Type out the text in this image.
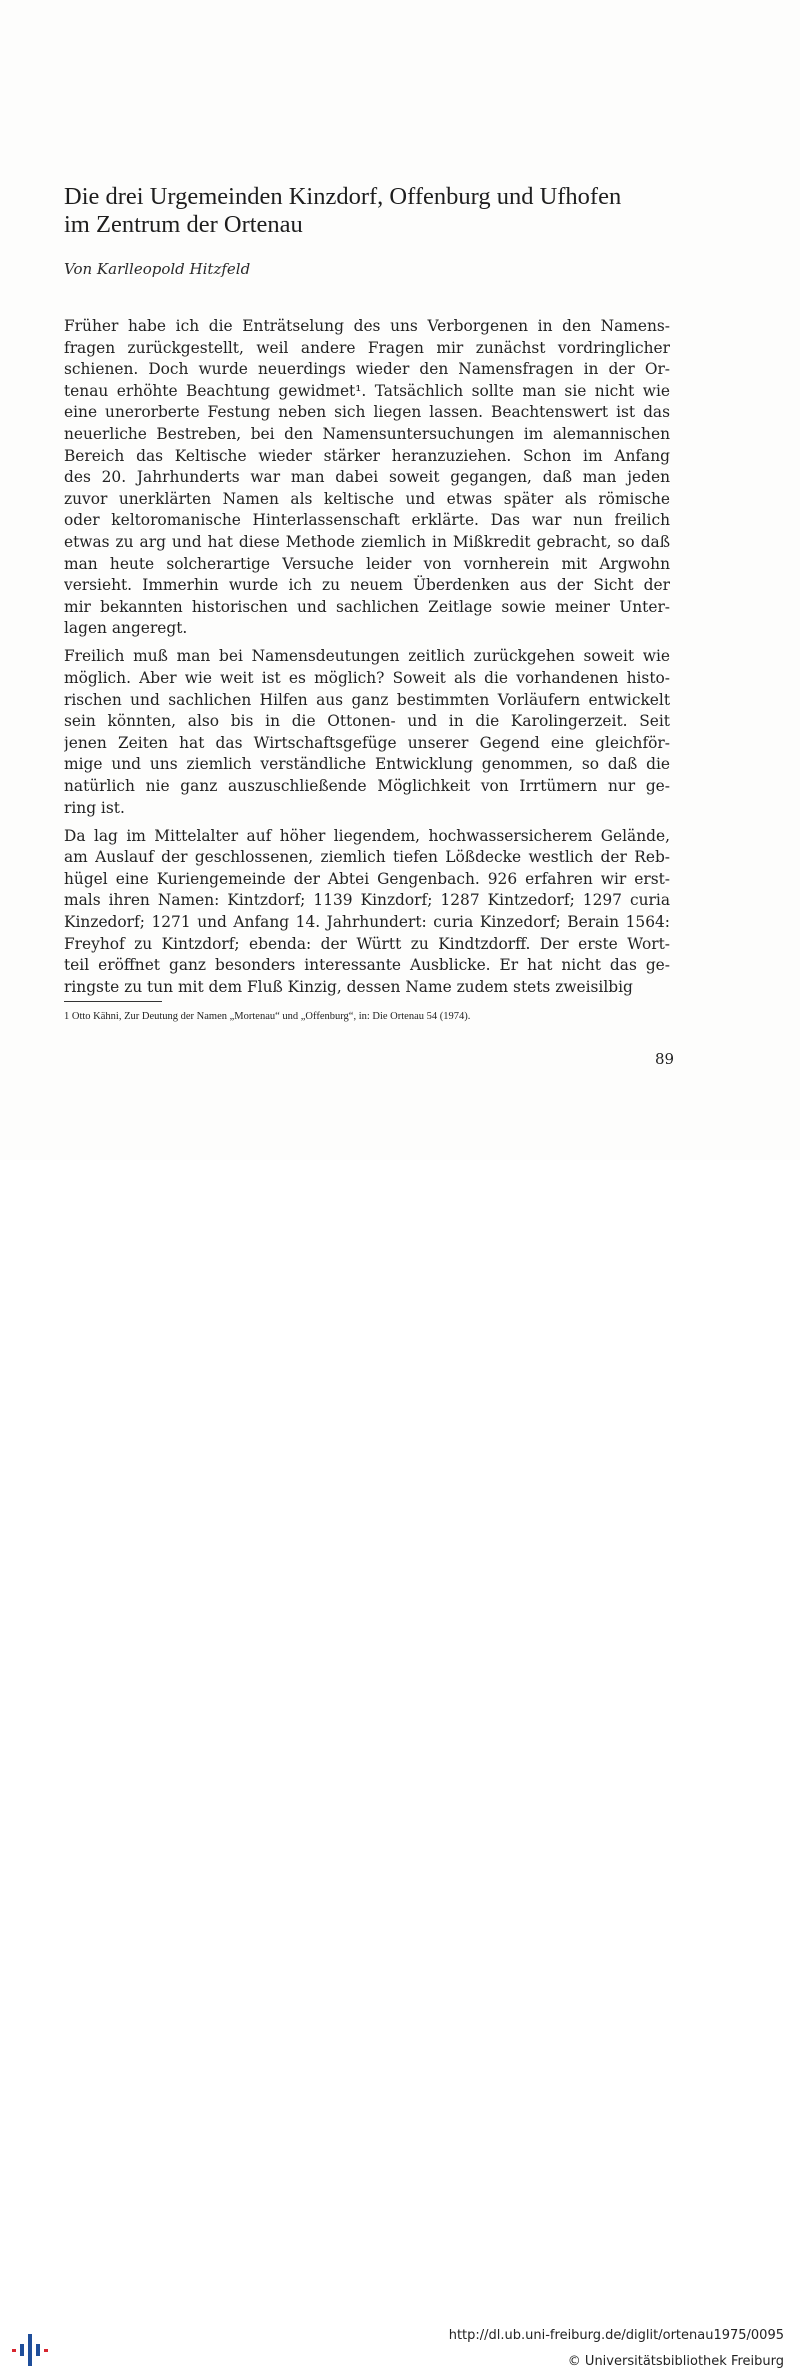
Die drei Urgemeinden Kinzdorf, Offenburg und Ufhofen
im Zentrum der Ortenau
Von Karlleopold Hitzfeld
Früher habe ich die Enträtselung des uns Verborgenen in den Namens-
fragen zurückgestellt, weil andere Fragen mir zunächst vordringlicher
schienen. Doch wurde neuerdings wieder den Namensfragen in der Or-
tenau erhöhte Beachtung gewidmet¹. Tatsächlich sollte man sie nicht wie
eine unerorberte Festung neben sich liegen lassen. Beachtenswert ist das
neuerliche Bestreben, bei den Namensuntersuchungen im alemannischen
Bereich das Keltische wieder stärker heranzuziehen. Schon im Anfang
des 20. Jahrhunderts war man dabei soweit gegangen, daß man jeden
zuvor unerklärten Namen als keltische und etwas später als römische
oder keltoromanische Hinterlassenschaft erklärte. Das war nun freilich
etwas zu arg und hat diese Methode ziemlich in Mißkredit gebracht, so daß
man heute solcherartige Versuche leider von vornherein mit Argwohn
versieht. Immerhin wurde ich zu neuem Überdenken aus der Sicht der
mir bekannten historischen und sachlichen Zeitlage sowie meiner Unter-
lagen angeregt.
Freilich muß man bei Namensdeutungen zeitlich zurückgehen soweit wie
möglich. Aber wie weit ist es möglich? Soweit als die vorhandenen histo-
rischen und sachlichen Hilfen aus ganz bestimmten Vorläufern entwickelt
sein könnten, also bis in die Ottonen- und in die Karolingerzeit. Seit
jenen Zeiten hat das Wirtschaftsgefüge unserer Gegend eine gleichför-
mige und uns ziemlich verständliche Entwicklung genommen, so daß die
natürlich nie ganz auszuschließende Möglichkeit von Irrtümern nur ge-
ring ist.
Da lag im Mittelalter auf höher liegendem, hochwassersicherem Gelände,
am Auslauf der geschlossenen, ziemlich tiefen Lößdecke westlich der Reb-
hügel eine Kuriengemeinde der Abtei Gengenbach. 926 erfahren wir erst-
mals ihren Namen: Kintzdorf; 1139 Kinzdorf; 1287 Kintzedorf; 1297 curia
Kinzedorf; 1271 und Anfang 14. Jahrhundert: curia Kinzedorf; Berain 1564:
Freyhof zu Kintzdorf; ebenda: der Württ zu Kindtzdorff. Der erste Wort-
teil eröffnet ganz besonders interessante Ausblicke. Er hat nicht das ge-
ringste zu tun mit dem Fluß Kinzig, dessen Name zudem stets zweisilbig
1 Otto Kähni, Zur Deutung der Namen „Mortenau“ und „Offenburg“, in: Die Ortenau 54 (1974).
89
http://dl.ub.uni-freiburg.de/diglit/ortenau1975/0095
© Universitätsbibliothek Freiburg
